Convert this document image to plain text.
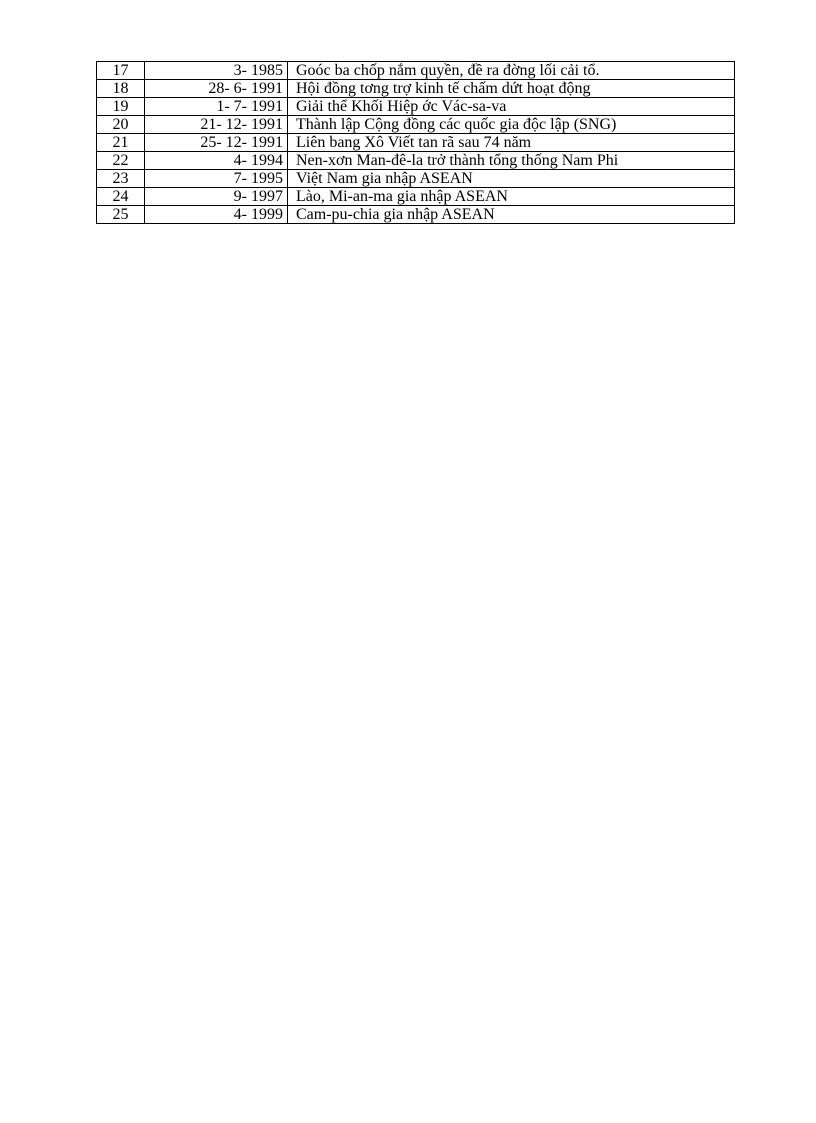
17	3- 1985	Goóc ba chốp nắm quyền, đề ra đờng lối cải tổ.
18	28- 6- 1991	Hội đồng tơng trợ kinh tế chấm dứt hoạt động
19	1- 7- 1991	Giải thể Khối Hiệp ớc Vác-sa-va
20	21- 12- 1991	Thành lập Cộng đồng các quốc gia độc lập (SNG)
21	25- 12- 1991	Liên bang Xô Viết tan rã sau 74 năm
22	4- 1994	Nen-xơn Man-đê-la trở thành tổng thống Nam Phi
23	7- 1995	Việt Nam gia nhập ASEAN
24	9- 1997	Lào, Mi-an-ma gia nhập ASEAN
25	4- 1999	Cam-pu-chia gia nhập ASEAN
